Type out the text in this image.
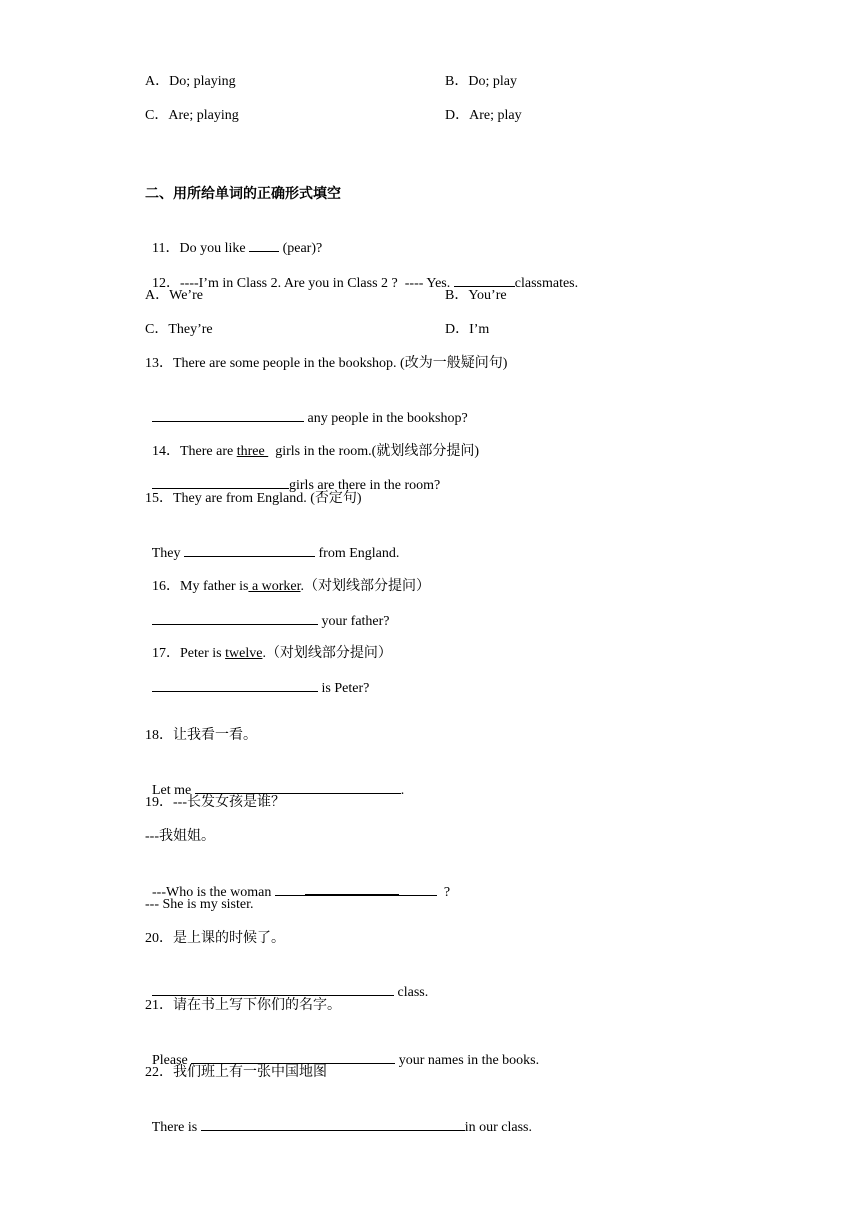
A．Do; playing	B．Do; play
C．Are; playing	D．Are; play
二、用所给单词的正确形式填空

11．Do you like  (pear)?

12．----I’m in Class 2. Are you in Class 2 ?  ---- Yes.	classmates.

A．We’re	B．You’re
C．They’re	D．I’m
13．There are some people in the bookshop. (改为一般疑问句)

any people in the bookshop?

14．There are three   girls in the room.(就划线部分提问)

girls are there in the room?

15．They are from England. (否定句)

They	from England.

16．My father is a worker.（对划线部分提问）

your father?

17．Peter is twelve.（对划线部分提问）

is Peter?

18．让我看一看。

Let me	.

19．---长发女孩是谁？
---我姐姐。

---Who is the woman	?

--- She is my sister.
20．是上课的时候了。

class.

21．请在书上写下你们的名字。

Please	your names in the books.

22．我们班上有一张中国地图

There is	in our class.
